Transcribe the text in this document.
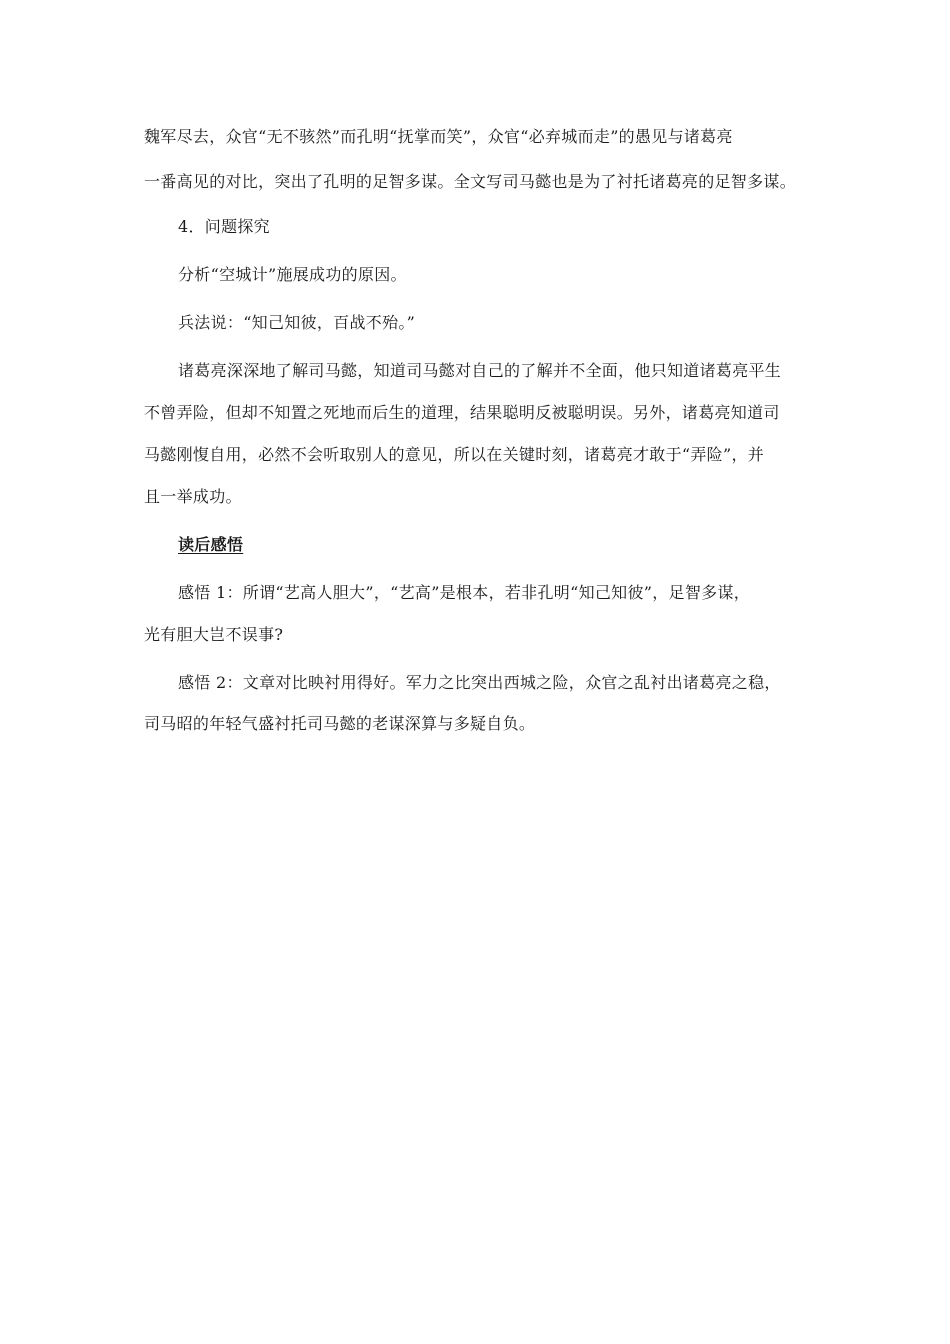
魏军尽去，众官“无不骇然”而孔明“抚掌而笑”，众官“必弃城而走”的愚见与诸葛亮
一番高见的对比，突出了孔明的足智多谋。全文写司马懿也是为了衬托诸葛亮的足智多谋。
4．问题探究
分析“空城计”施展成功的原因。
兵法说：“知己知彼，百战不殆。”
诸葛亮深深地了解司马懿，知道司马懿对自己的了解并不全面，他只知道诸葛亮平生
不曾弄险，但却不知置之死地而后生的道理，结果聪明反被聪明误。另外，诸葛亮知道司
马懿刚愎自用，必然不会听取别人的意见，所以在关键时刻，诸葛亮才敢于“弄险”，并
且一举成功。
读后感悟
感悟 1：所谓“艺高人胆大”，“艺高”是根本，若非孔明“知己知彼”，足智多谋，
光有胆大岂不误事?
感悟 2：文章对比映衬用得好。军力之比突出西城之险，众官之乱衬出诸葛亮之稳，
司马昭的年轻气盛衬托司马懿的老谋深算与多疑自负。
